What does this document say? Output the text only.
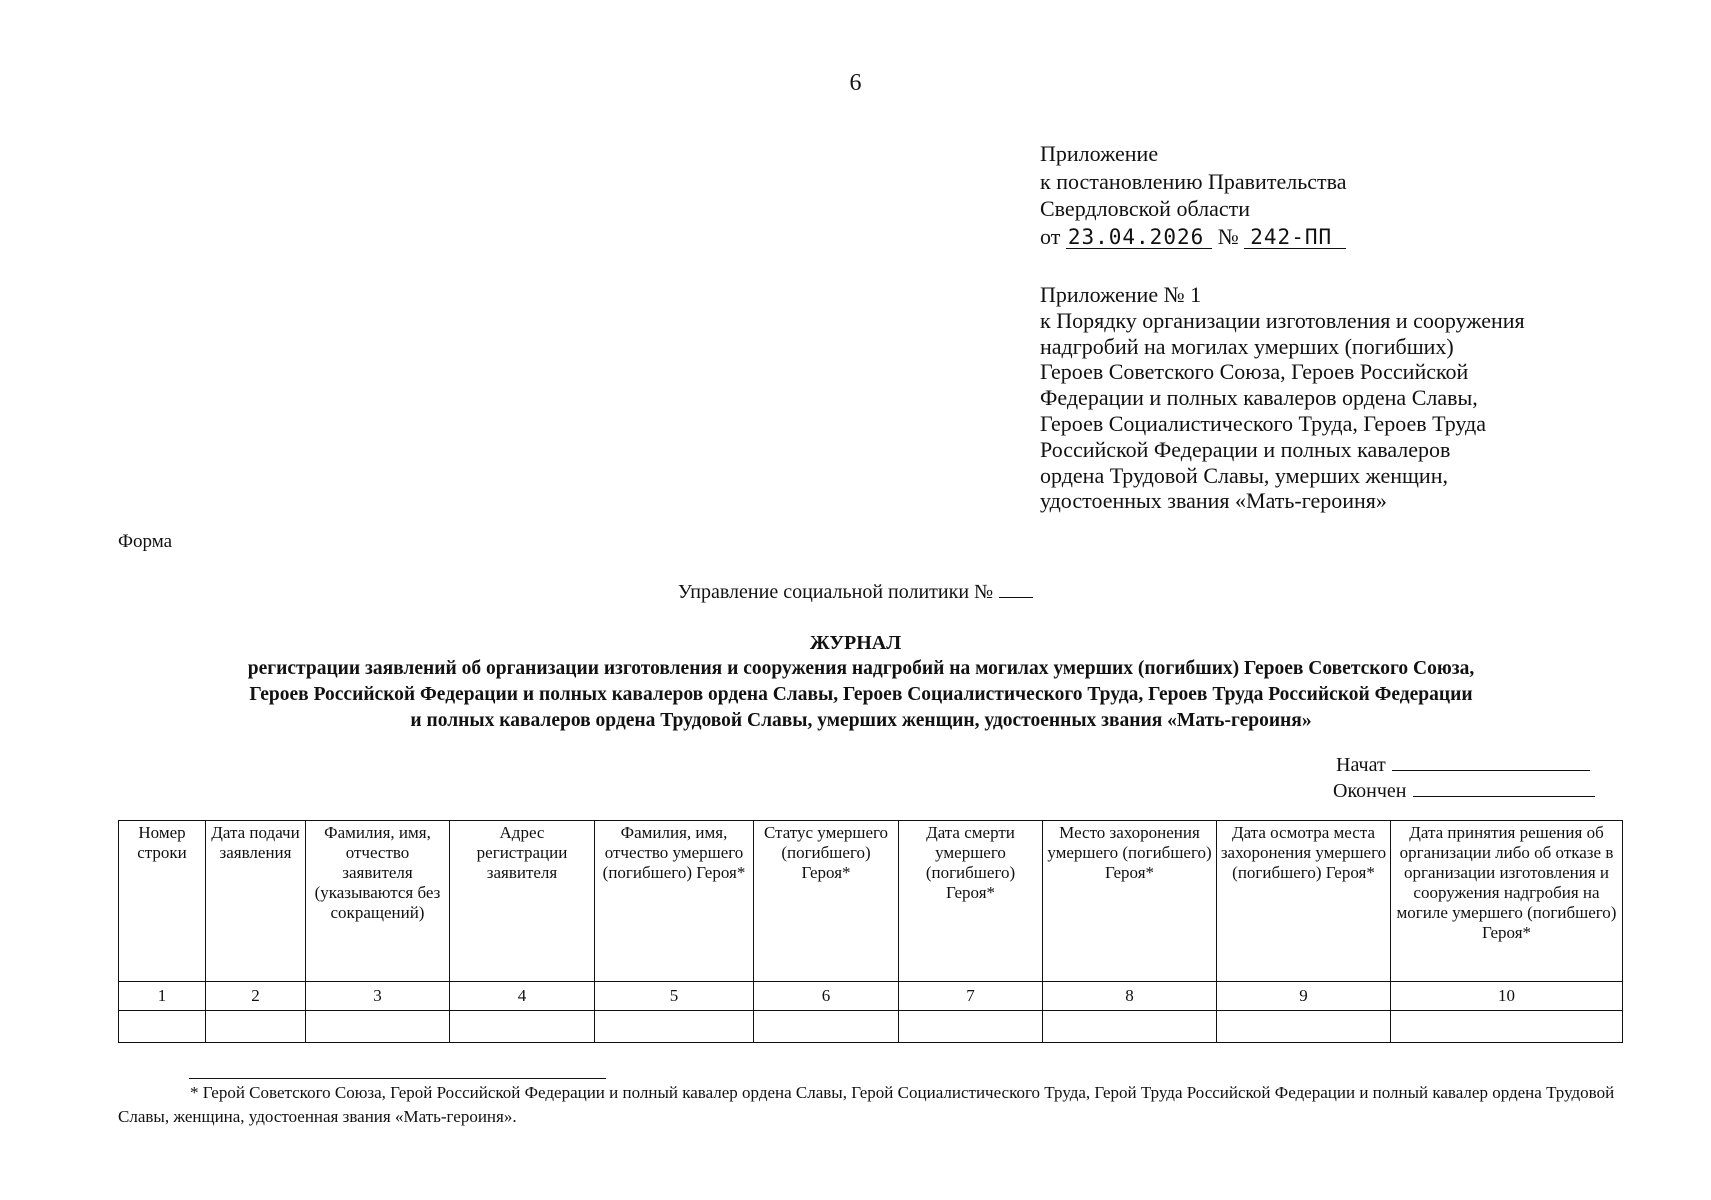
6
Приложение
к постановлению Правительства
Свердловской области
от 23.04.2026 № 242-ПП
Приложение № 1
к Порядку организации изготовления и сооружения
надгробий на могилах умерших (погибших)
Героев Советского Союза, Героев Российской
Федерации и полных кавалеров ордена Славы,
Героев Социалистического Труда, Героев Труда
Российской Федерации и полных кавалеров
ордена Трудовой Славы, умерших женщин,
удостоенных звания «Мать-героиня»
Форма
Управление социальной политики №
ЖУРНАЛ
регистрации заявлений об организации изготовления и сооружения надгробий на могилах умерших (погибших) Героев Советского Союза,
Героев Российской Федерации и полных кавалеров ордена Славы, Героев Социалистического Труда, Героев Труда Российской Федерации
и полных кавалеров ордена Трудовой Славы, умерших женщин, удостоенных звания «Мать-героиня»
Начат
Окончен
Номер строки	Дата подачи заявления	Фамилия, имя, отчество заявителя (указываются без сокращений)	Адрес регистрации заявителя	Фамилия, имя, отчество умершего (погибшего) Героя*	Статус умершего (погибшего) Героя*	Дата смерти умершего (погибшего) Героя*	Место захоронения умершего (погибшего) Героя*	Дата осмотра места захоронения умершего (погибшего) Героя*	Дата принятия решения об организации либо об отказе в организации изготовления и сооружения надгробия на могиле умершего (погибшего) Героя*
1	2	3	4	5	6	7	8	9	10

* Герой Советского Союза, Герой Российской Федерации и полный кавалер ордена Славы, Герой Социалистического Труда, Герой Труда Российской Федерации и полный кавалер ордена Трудовой Славы, женщина, удостоенная звания «Мать-героиня».
